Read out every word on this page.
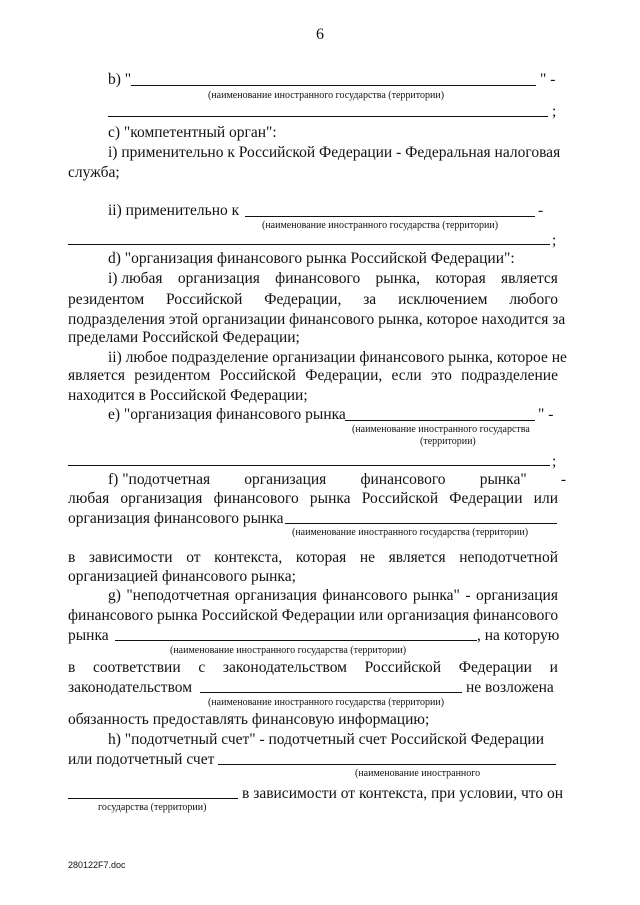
6
b) "	" -
(наименование иностранного государства (территории)
;
c) "компетентный орган":
i) применительно к Российской Федерации - Федеральная налоговая
служба;
ii) применительно к	-
(наименование иностранного государства (территории)
;
d) "организация финансового рынка Российской Федерации":
i) любая организация финансового рынка, которая является
резидентом Российской Федерации, за исключением любого
подразделения этой организации финансового рынка, которое находится за
пределами Российской Федерации;
ii) любое подразделение организации финансового рынка, которое не
является резидентом Российской Федерации, если это подразделение
находится в Российской Федерации;
e) "организация финансового рынка	" -
(наименование иностранного государства
(территории)
;
f) "подотчетная организация финансового рынка" -
любая организация финансового рынка Российской Федерации или
организация финансового рынка
(наименование иностранного государства (территории)
в зависимости от контекста, которая не является неподотчетной
организацией финансового рынка;
g) "неподотчетная организация финансового рынка" - организация
финансового рынка Российской Федерации или организация финансового
рынка	, на которую
(наименование иностранного государства (территории)
в соответствии с законодательством Российской Федерации и
законодательством	не возложена
(наименование иностранного государства (территории)
обязанность предоставлять финансовую информацию;
h) "подотчетный счет" - подотчетный счет Российской Федерации
или подотчетный счет
(наименование иностранного
в зависимости от контекста, при условии, что он
государства (территории)
280122F7.doc
